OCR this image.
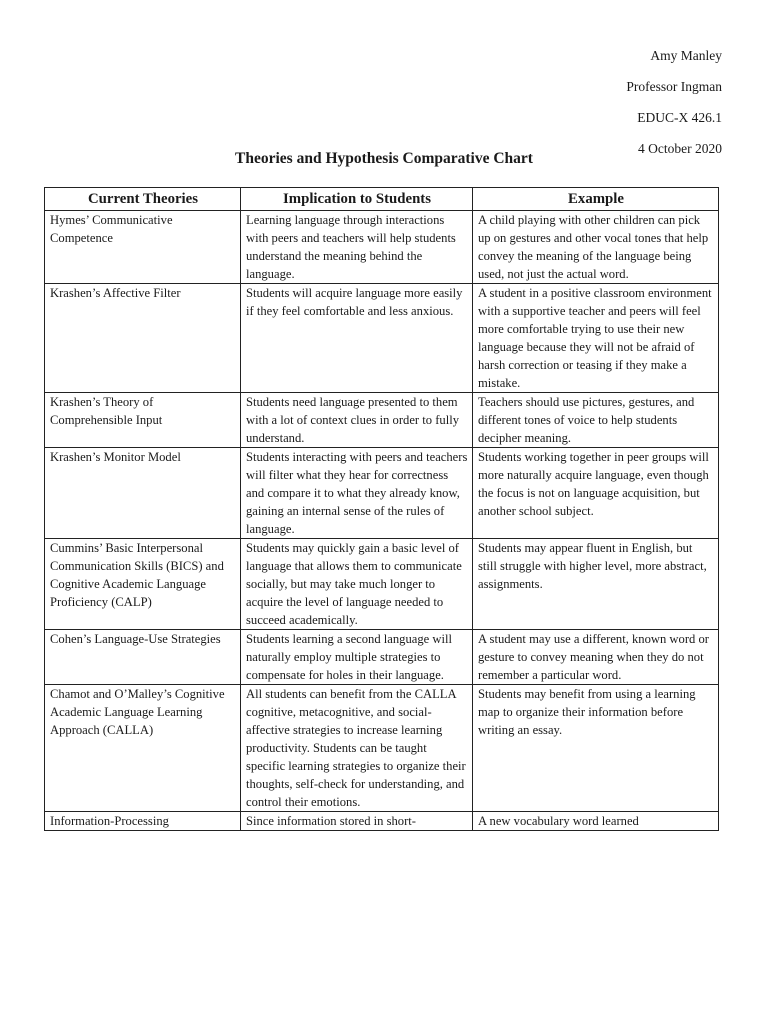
Amy Manley
Professor Ingman
EDUC-X 426.1
4 October 2020
Theories and Hypothesis Comparative Chart
Current Theories	Implication to Students	Example
Hymes’ Communicative Competence	Learning language through interactions with peers and teachers will help students understand the meaning behind the language.	A child playing with other children can pick up on gestures and other vocal tones that help convey the meaning of the language being used, not just the actual word.
Krashen’s Affective Filter	Students will acquire language more easily if they feel comfortable and less anxious.	A student in a positive classroom environment with a supportive teacher and peers will feel more comfortable trying to use their new language because they will not be afraid of harsh correction or teasing if they make a mistake.
Krashen’s Theory of Comprehensible Input	Students need language presented to them with a lot of context clues in order to fully understand.	Teachers should use pictures, gestures, and different tones of voice to help students decipher meaning.
Krashen’s Monitor Model	Students interacting with peers and teachers will filter what they hear for correctness and compare it to what they already know, gaining an internal sense of the rules of language.	Students working together in peer groups will more naturally acquire language, even though the focus is not on language acquisition, but another school subject.
Cummins’ Basic Interpersonal Communication Skills (BICS) and Cognitive Academic Language Proficiency (CALP)	Students may quickly gain a basic level of language that allows them to communicate socially, but may take much longer to acquire the level of language needed to succeed academically.	Students may appear fluent in English, but still struggle with higher level, more abstract, assignments.
Cohen’s Language-Use Strategies	Students learning a second language will naturally employ multiple strategies to compensate for holes in their language.	A student may use a different, known word or gesture to convey meaning when they do not remember a particular word.
Chamot and O’Malley’s Cognitive Academic Language Learning Approach (CALLA)	All students can benefit from the CALLA cognitive, metacognitive, and social-affective strategies to increase learning productivity. Students can be taught specific learning strategies to organize their thoughts, self-check for understanding, and control their emotions.	Students may benefit from using a learning map to organize their information before writing an essay.
Information-Processing	Since information stored in short-	A new vocabulary word learned
